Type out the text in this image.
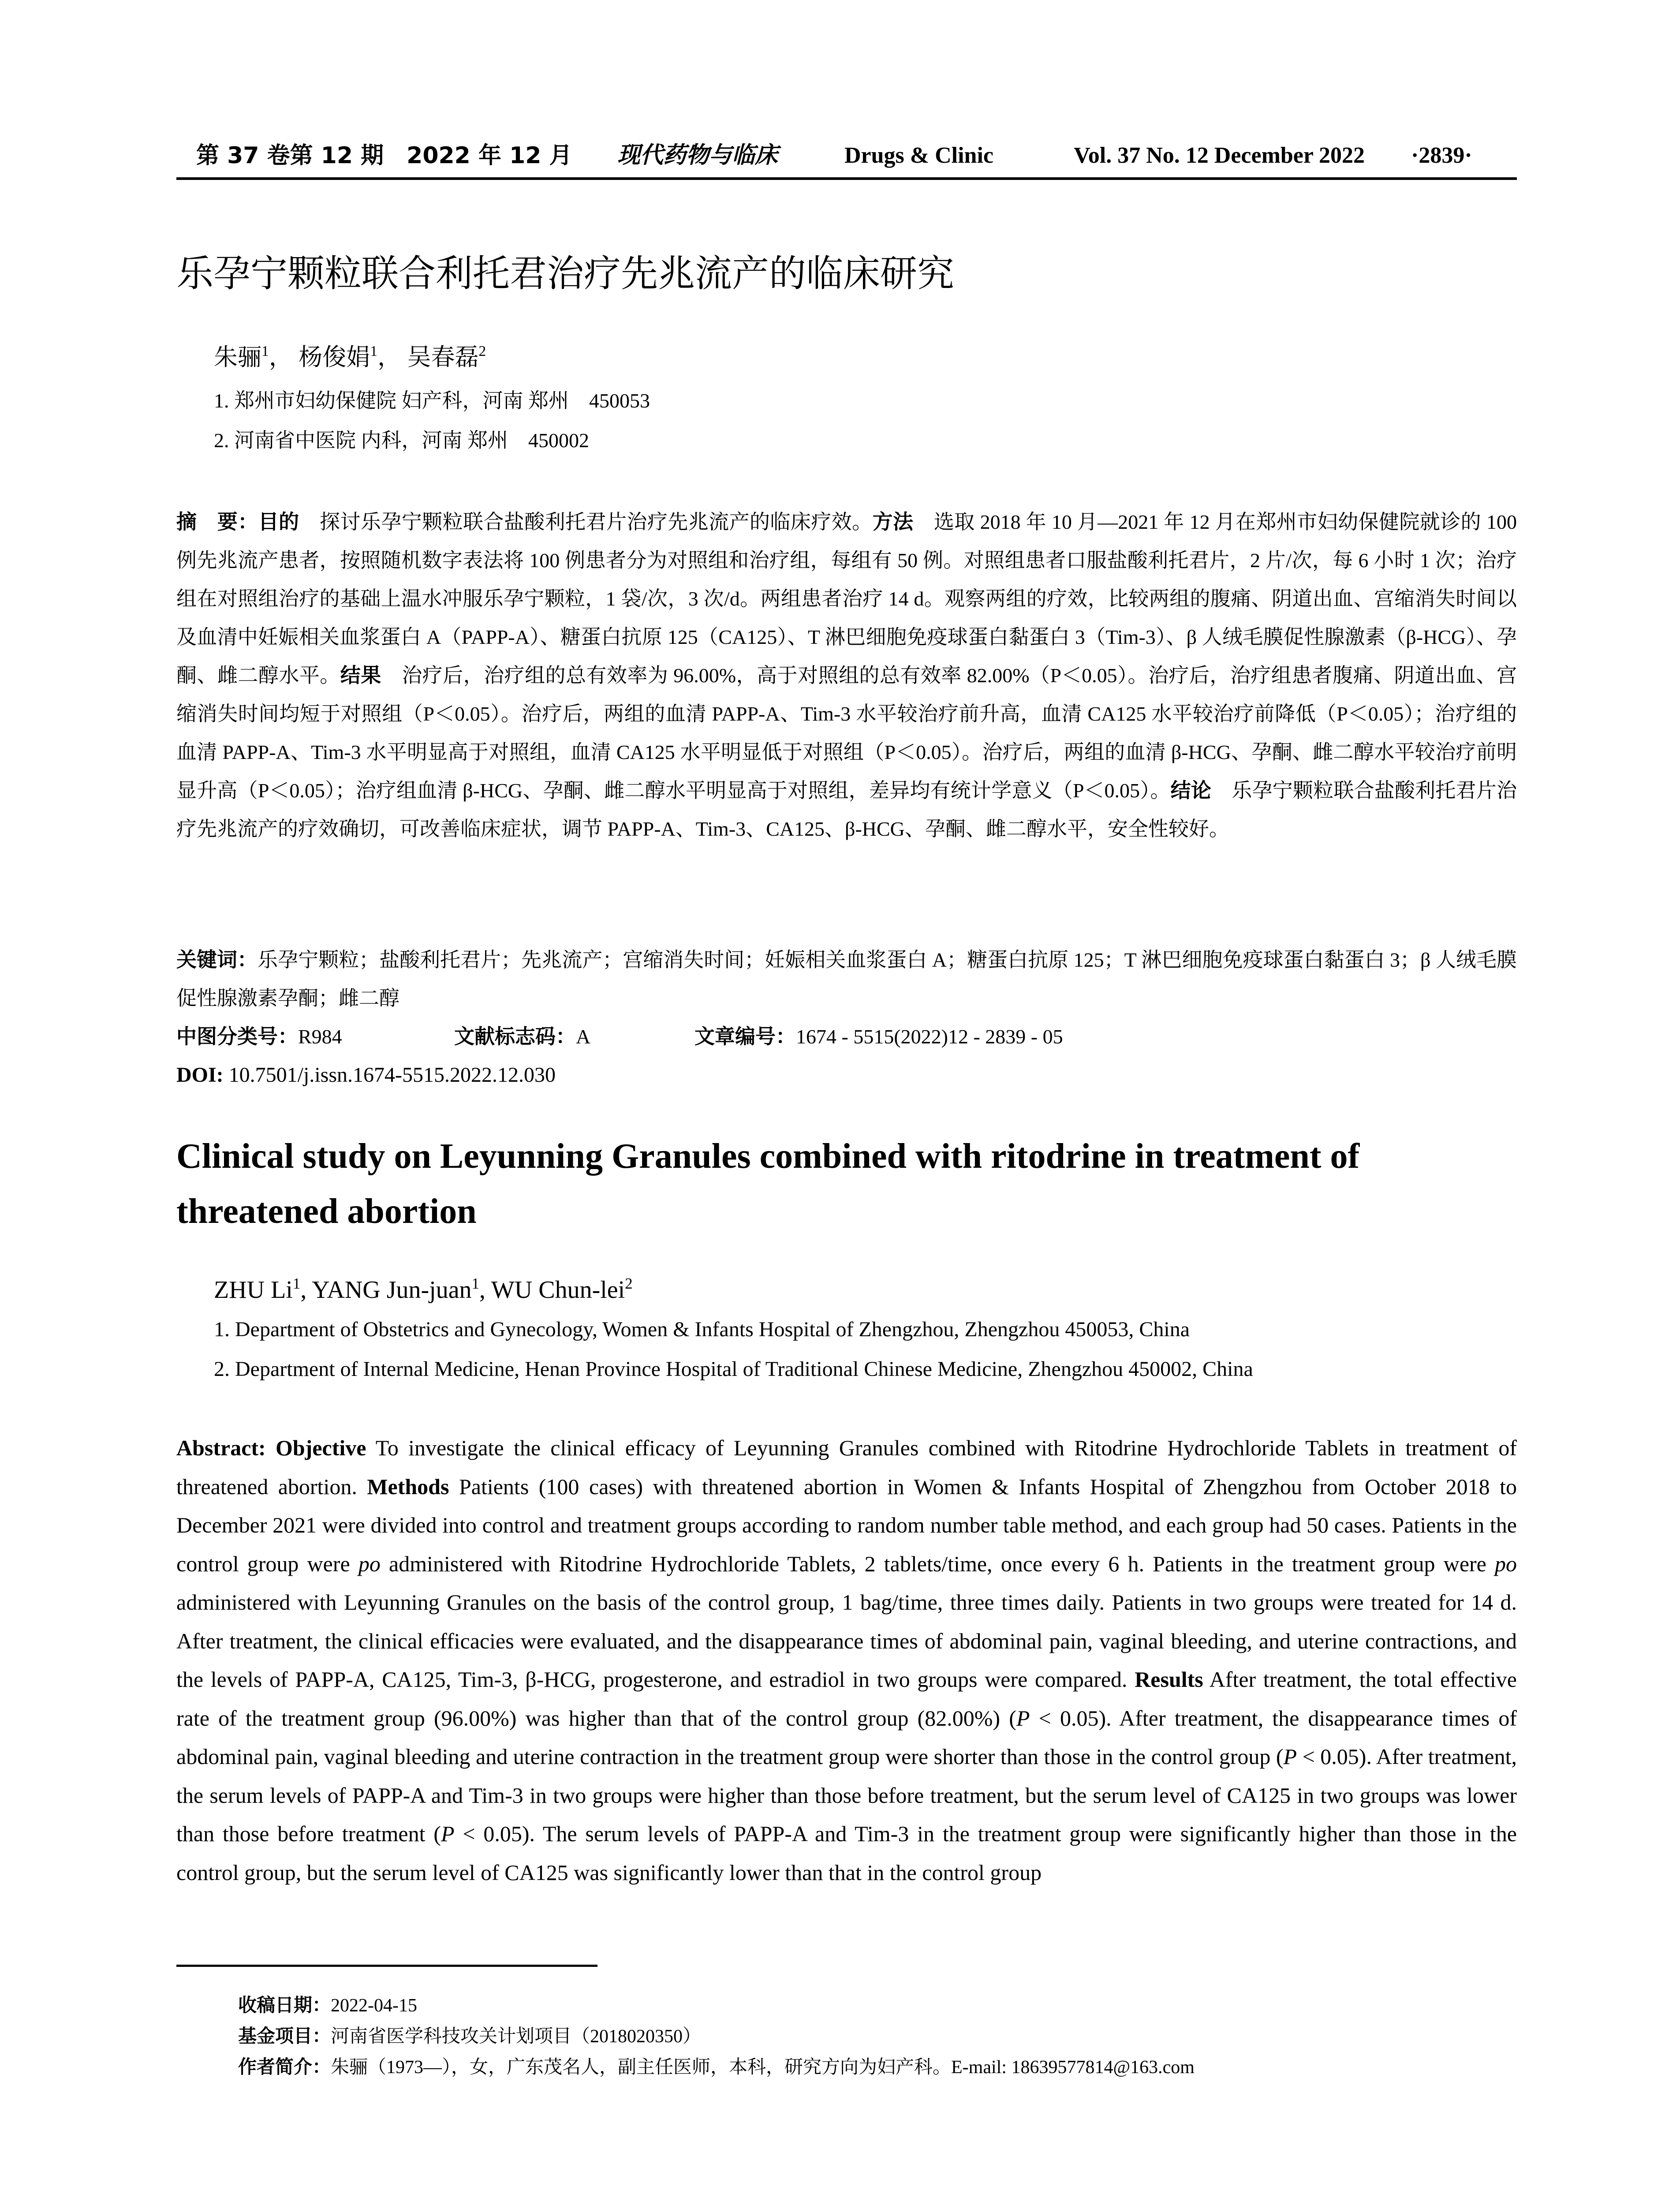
第 37 卷第 12 期　2022 年 12 月 现代药物与临床	Drugs & Clinic	Vol. 37 No. 12 December 2022 ·2839·
乐孕宁颗粒联合利托君治疗先兆流产的临床研究
朱骊$^1$， 杨俊娟$^1$， 吴春磊$^2$
1. 郑州市妇幼保健院 妇产科，河南 郑州　450053
2. 河南省中医院 内科，河南 郑州　450002
摘　要：目的　探讨乐孕宁颗粒联合盐酸利托君片治疗先兆流产的临床疗效。方法　选取 2018 年 10 月—2021 年 12 月在郑州市妇幼保健院就诊的 100 例先兆流产患者，按照随机数字表法将 100 例患者分为对照组和治疗组，每组有 50 例。对照组患者口服盐酸利托君片，2 片/次，每 6 小时 1 次；治疗组在对照组治疗的基础上温水冲服乐孕宁颗粒，1 袋/次，3 次/d。两组患者治疗 14 d。观察两组的疗效，比较两组的腹痛、阴道出血、宫缩消失时间以及血清中妊娠相关血浆蛋白 A（PAPP-A）、糖蛋白抗原 125（CA125）、T 淋巴细胞免疫球蛋白黏蛋白 3（Tim-3）、β 人绒毛膜促性腺激素（β-HCG）、孕酮、雌二醇水平。结果　治疗后，治疗组的总有效率为 96.00%，高于对照组的总有效率 82.00%（P＜0.05）。治疗后，治疗组患者腹痛、阴道出血、宫缩消失时间均短于对照组（P＜0.05）。治疗后，两组的血清 PAPP-A、Tim-3 水平较治疗前升高，血清 CA125 水平较治疗前降低（P＜0.05）；治疗组的血清 PAPP-A、Tim-3 水平明显高于对照组，血清 CA125 水平明显低于对照组（P＜0.05）。治疗后，两组的血清 β-HCG、孕酮、雌二醇水平较治疗前明显升高（P＜0.05）；治疗组血清 β-HCG、孕酮、雌二醇水平明显高于对照组，差异均有统计学意义（P＜0.05）。结论　乐孕宁颗粒联合盐酸利托君片治疗先兆流产的疗效确切，可改善临床症状，调节 PAPP-A、Tim-3、CA125、β-HCG、孕酮、雌二醇水平，安全性较好。
关键词：乐孕宁颗粒；盐酸利托君片；先兆流产；宫缩消失时间；妊娠相关血浆蛋白 A；糖蛋白抗原 125；T 淋巴细胞免疫球蛋白黏蛋白 3；β 人绒毛膜促性腺激素孕酮；雌二醇
中图分类号：R984	文献标志码：A	文章编号：1674 - 5515(2022)12 - 2839 - 05
DOI: 10.7501/j.issn.1674-5515.2022.12.030
Clinical study on Leyunning Granules combined with ritodrine in treatment of threatened abortion
ZHU Li$^1$, YANG Jun-juan$^1$, WU Chun-lei$^2$
1. Department of Obstetrics and Gynecology, Women & Infants Hospital of Zhengzhou, Zhengzhou 450053, China
2. Department of Internal Medicine, Henan Province Hospital of Traditional Chinese Medicine, Zhengzhou 450002, China
Abstract: Objective To investigate the clinical efficacy of Leyunning Granules combined with Ritodrine Hydrochloride Tablets in treatment of threatened abortion. Methods Patients (100 cases) with threatened abortion in Women & Infants Hospital of Zhengzhou from October 2018 to December 2021 were divided into control and treatment groups according to random number table method, and each group had 50 cases. Patients in the control group were po administered with Ritodrine Hydrochloride Tablets, 2 tablets/time, once every 6 h. Patients in the treatment group were po administered with Leyunning Granules on the basis of the control group, 1 bag/time, three times daily. Patients in two groups were treated for 14 d. After treatment, the clinical efficacies were evaluated, and the disappearance times of abdominal pain, vaginal bleeding, and uterine contractions, and the levels of PAPP-A, CA125, Tim-3, β-HCG, progesterone, and estradiol in two groups were compared. Results After treatment, the total effective rate of the treatment group (96.00%) was higher than that of the control group (82.00%) (P < 0.05). After treatment, the disappearance times of abdominal pain, vaginal bleeding and uterine contraction in the treatment group were shorter than those in the control group (P < 0.05). After treatment, the serum levels of PAPP-A and Tim-3 in two groups were higher than those before treatment, but the serum level of CA125 in two groups was lower than those before treatment (P < 0.05). The serum levels of PAPP-A and Tim-3 in the treatment group were significantly higher than those in the control group, but the serum level of CA125 was significantly lower than that in the control group
收稿日期：2022-04-15
基金项目：河南省医学科技攻关计划项目（2018020350）
作者简介：朱骊（1973—），女，广东茂名人，副主任医师，本科，研究方向为妇产科。E-mail: 18639577814@163.com
